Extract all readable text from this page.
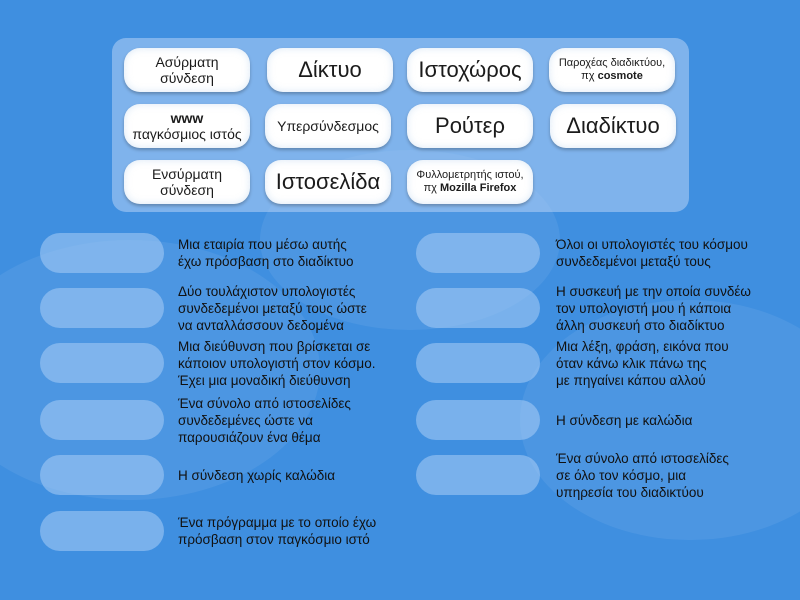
Ασύρματη
σύνδεση	Δίκτυο	Ιστοχώρος	Παροχέας διαδικτύου,
πχ cosmote
www
παγκόσμιος ιστός
Υπερσύνδεσμος	Ρούτερ	Διαδίκτυο
Ενσύρματη
σύνδεση	Ιστοσελίδα	Φυλλομετρητής ιστού,
πχ Mozilla Firefox
Μια εταιρία που μέσω αυτής
έχω πρόσβαση στο διαδίκτυο
Δύο τουλάχιστον υπολογιστές
συνδεδεμένοι μεταξύ τους ώστε
να ανταλλάσσουν δεδομένα
Μια διεύθυνση που βρίσκεται σε
κάποιον υπολογιστή στον κόσμο.
Έχει μια μοναδική διεύθυνση
Ένα σύνολο από ιστοσελίδες
συνδεδεμένες ώστε να
παρουσιάζουν ένα θέμα
Η σύνδεση χωρίς καλώδια
Ένα πρόγραμμα με το οποίο έχω
πρόσβαση στον παγκόσμιο ιστό
Όλοι οι υπολογιστές του κόσμου
συνδεδεμένοι μεταξύ τους
Η συσκευή με την οποία συνδέω
τον υπολογιστή μου ή κάποια
άλλη συσκευή στο διαδίκτυο
Μια λέξη, φράση, εικόνα που
όταν κάνω κλικ πάνω της
με πηγαίνει κάπου αλλού
Η σύνδεση με καλώδια
Ένα σύνολο από ιστοσελίδες
σε όλο τον κόσμο, μια
υπηρεσία του διαδικτύου
